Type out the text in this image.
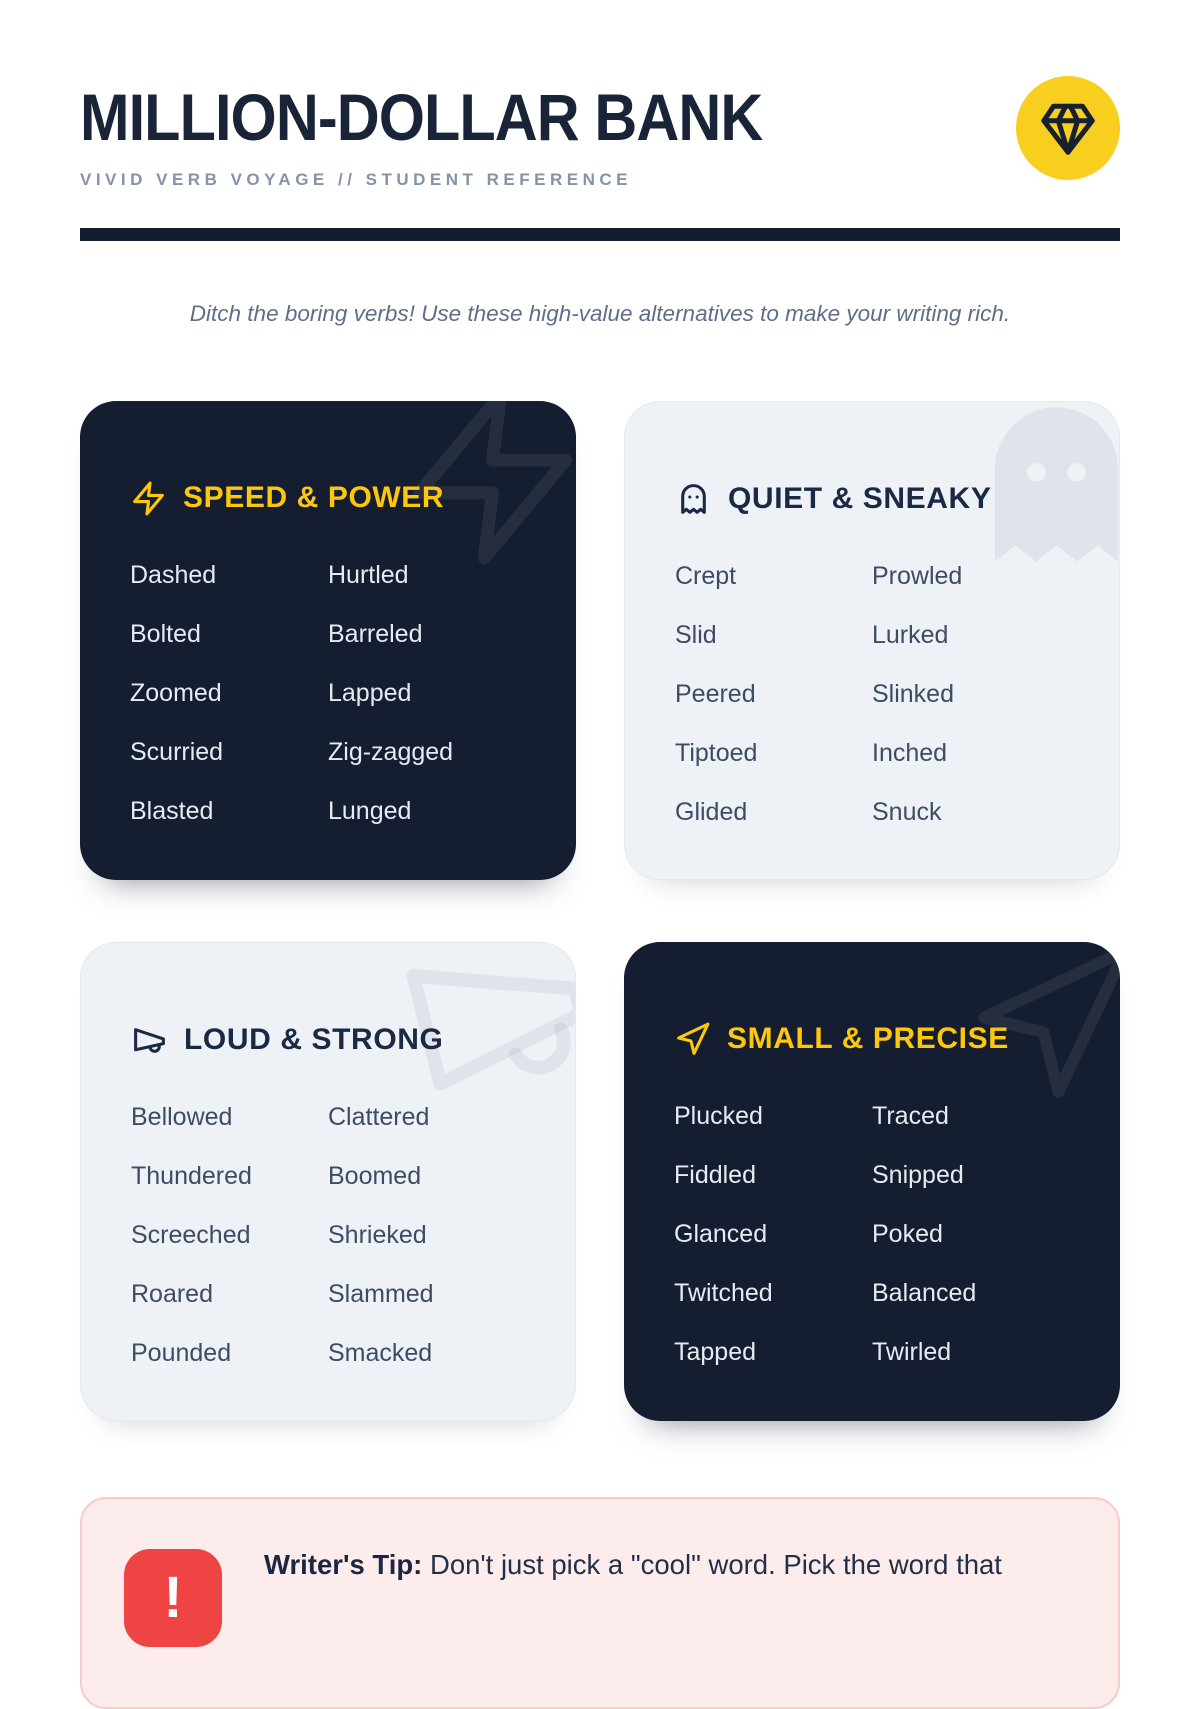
MILLION-DOLLAR BANK
VIVID VERB VOYAGE // STUDENT REFERENCE
Ditch the boring verbs! Use these high-value alternatives to make your writing rich.
SPEED & POWER
Dashed	Hurtled
Bolted	Barreled
Zoomed	Lapped
Scurried	Zig-zagged
Blasted	Lunged
QUIET & SNEAKY
Crept	Prowled
Slid	Lurked
Peered	Slinked
Tiptoed	Inched
Glided	Snuck
LOUD & STRONG
Bellowed	Clattered
Thundered	Boomed
Screeched	Shrieked
Roared	Slammed
Pounded	Smacked
SMALL & PRECISE
Plucked	Traced
Fiddled	Snipped
Glanced	Poked
Twitched	Balanced
Tapped	Twirled
!
Writer's Tip: Don't just pick a "cool" word. Pick the word that
